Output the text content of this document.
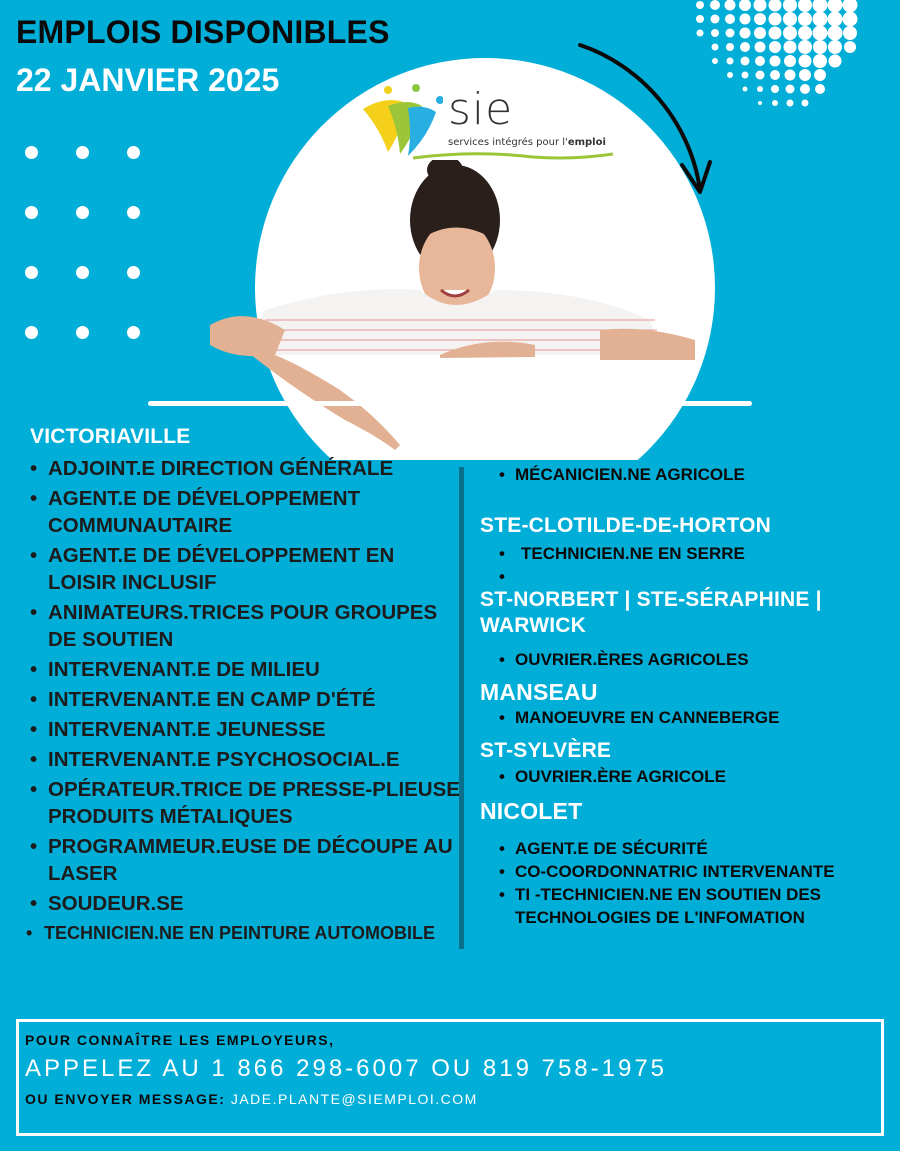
EMPLOIS DISPONIBLES
22 JANVIER 2025
sie
services intégrés pour l'emploi
VICTORIAVILLE
• ADJOINT.E DIRECTION GÉNÉRALE
• AGENT.E DE DÉVELOPPEMENT COMMUNAUTAIRE
• AGENT.E DE DÉVELOPPEMENT EN LOISIR INCLUSIF
• ANIMATEURS.TRICES POUR GROUPES DE SOUTIEN
• INTERVENANT.E DE MILIEU
• INTERVENANT.E EN CAMP D'ÉTÉ
• INTERVENANT.E JEUNESSE
• INTERVENANT.E PSYCHOSOCIAL.E
• OPÉRATEUR.TRICE DE PRESSE-PLIEUSE PRODUITS MÉTALIQUES
• PROGRAMMEUR.EUSE DE DÉCOUPE AU LASER
• SOUDEUR.SE
• TECHNICIEN.NE EN PEINTURE AUTOMOBILE
ST-ALBERT
• MÉCANICIEN.NE AGRICOLE
STE-CLOTILDE-DE-HORTON
• TECHNICIEN.NE EN SERRE
•
ST-NORBERT | STE-SÉRAPHINE | WARWICK
• OUVRIER.ÈRES AGRICOLES
MANSEAU
• MANOEUVRE EN CANNEBERGE
ST-SYLVÈRE
• OUVRIER.ÈRE AGRICOLE
NICOLET
• AGENT.E DE SÉCURITÉ
• CO-COORDONNATRIC INTERVENANTE
• TI -TECHNICIEN.NE EN SOUTIEN DES TECHNOLOGIES DE L'INFOMATION
POUR CONNAÎTRE LES EMPLOYEURS,
APPELEZ AU 1 866 298-6007 OU 819 758-1975
OU ENVOYER MESSAGE: JADE.PLANTE@SIEMPLOI.COM
